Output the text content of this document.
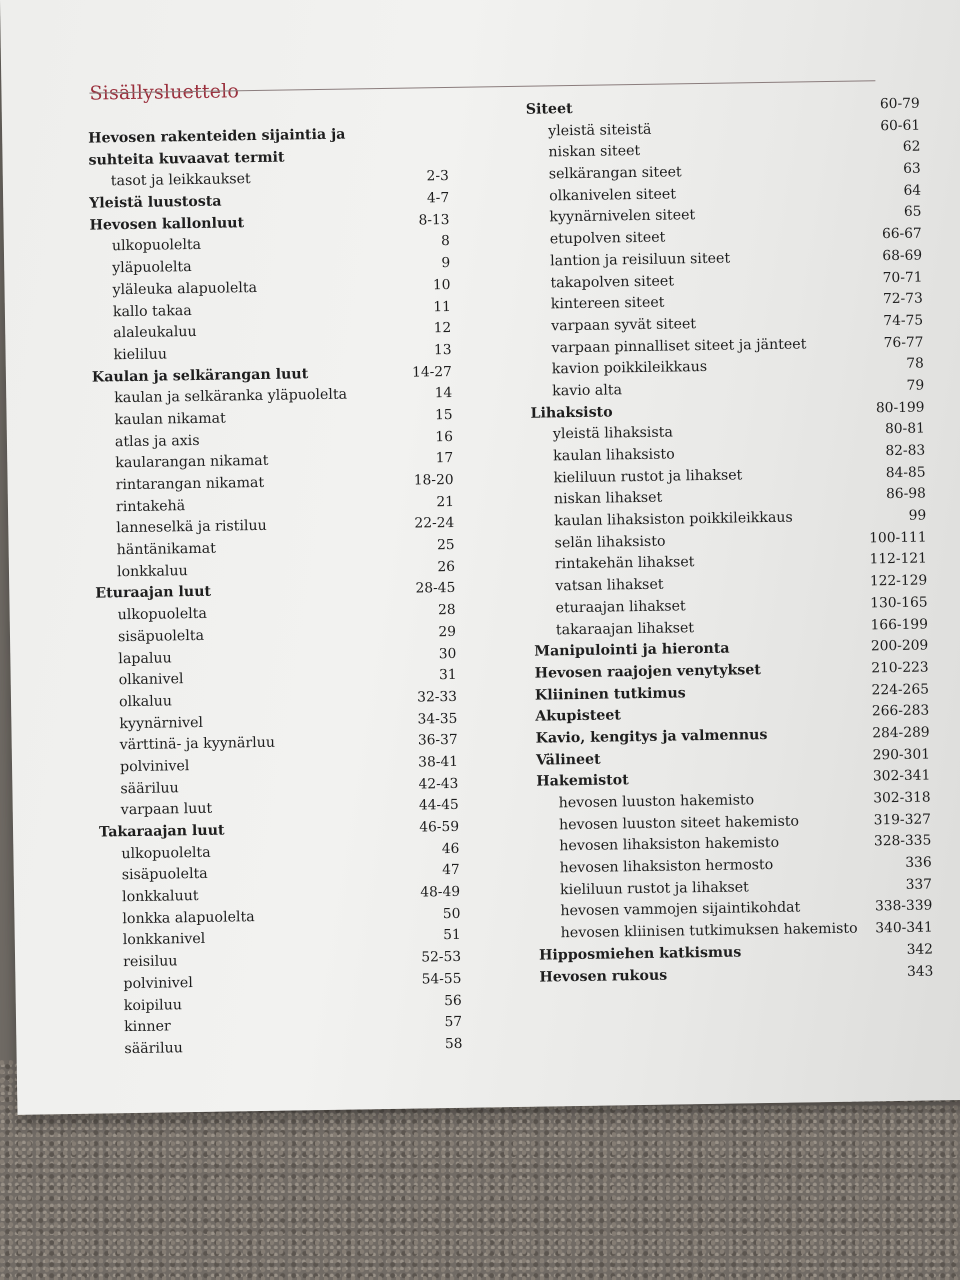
Sisällysluettelo
Hevosen rakenteiden sijaintia ja
suhteita kuvaavat termit
tasot ja leikkaukset	2-3
Yleistä luustosta	4-7
Hevosen kallonluut	8-13
ulkopuolelta	8
yläpuolelta	9
yläleuka alapuolelta	10
kallo takaa	11
alaleukaluu	12
kieliluu	13
Kaulan ja selkärangan luut	14-27
kaulan ja selkäranka yläpuolelta	14
kaulan nikamat	15
atlas ja axis	16
kaularangan nikamat	17
rintarangan nikamat	18-20
rintakehä	21
lanneselkä ja ristiluu	22-24
häntänikamat	25
lonkkaluu	26
Eturaajan luut	28-45
ulkopuolelta	28
sisäpuolelta	29
lapaluu	30
olkanivel	31
olkaluu	32-33
kyynärnivel	34-35
värttinä- ja kyynärluu	36-37
polvinivel	38-41
sääriluu	42-43
varpaan luut	44-45
Takaraajan luut	46-59
ulkopuolelta	46
sisäpuolelta	47
lonkkaluut	48-49
lonkka alapuolelta	50
lonkkanivel	51
reisiluu	52-53
polvinivel	54-55
koipiluu	56
kinner	57
sääriluu	58
Siteet	60-79
yleistä siteistä	60-61
niskan siteet	62
selkärangan siteet	63
olkanivelen siteet	64
kyynärnivelen siteet	65
etupolven siteet	66-67
lantion ja reisiluun siteet	68-69
takapolven siteet	70-71
kintereen siteet	72-73
varpaan syvät siteet	74-75
varpaan pinnalliset siteet ja jänteet	76-77
kavion poikkileikkaus	78
kavio alta	79
Lihaksisto	80-199
yleistä lihaksista	80-81
kaulan lihaksisto	82-83
kieliluun rustot ja lihakset	84-85
niskan lihakset	86-98
kaulan lihaksiston poikkileikkaus	99
selän lihaksisto	100-111
rintakehän lihakset	112-121
vatsan lihakset	122-129
eturaajan lihakset	130-165
takaraajan lihakset	166-199
Manipulointi ja hieronta	200-209
Hevosen raajojen venytykset	210-223
Kliininen tutkimus	224-265
Akupisteet	266-283
Kavio, kengitys ja valmennus	284-289
Välineet	290-301
Hakemistot	302-341
hevosen luuston hakemisto	302-318
hevosen luuston siteet hakemisto	319-327
hevosen lihaksiston hakemisto	328-335
hevosen lihaksiston hermosto	336
kieliluun rustot ja lihakset	337
hevosen vammojen sijaintikohdat	338-339
hevosen kliinisen tutkimuksen hakemisto 340-341
Hipposmiehen katkismus	342
Hevosen rukous	343
